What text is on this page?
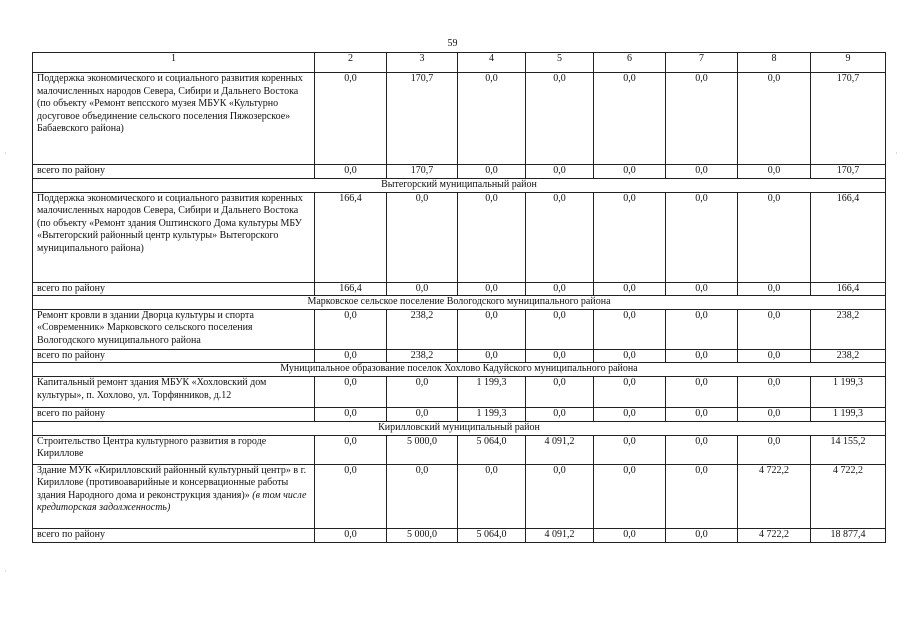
59
1	2	3	4	5	6	7	8	9
Поддержка экономического и социального развития коренных малочисленных народов Севера, Сибири и Дальнего Востока (по объекту «Ремонт вепсского музея МБУК «Культурно досуговое объединение сельского поселения Пяжозерское» Бабаевского района)	0,0	170,7	0,0	0,0	0,0	0,0	0,0	170,7
всего по району	0,0	170,7	0,0	0,0	0,0	0,0	0,0	170,7
Вытегорский муниципальный район								
Поддержка экономического и социального развития коренных малочисленных народов Севера, Сибири и Дальнего Востока (по объекту «Ремонт здания Оштинского Дома культуры МБУ «Вытегорский районный центр культуры» Вытегорского муниципального района)	166,4	0,0	0,0	0,0	0,0	0,0	0,0	166,4
всего по району	166,4	0,0	0,0	0,0	0,0	0,0	0,0	166,4
Марковское сельское поселение Вологодского муниципального района								
Ремонт кровли в здании Дворца культуры и спорта «Современник» Марковского сельского поселения Вологодского муниципального района	0,0	238,2	0,0	0,0	0,0	0,0	0,0	238,2
всего по району	0,0	238,2	0,0	0,0	0,0	0,0	0,0	238,2
Муниципальное образование поселок Хохлово Кадуйского муниципального района								
Капитальный ремонт здания МБУК «Хохловский дом культуры», п. Хохлово, ул. Торфянников, д.12	0,0	0,0	1 199,3	0,0	0,0	0,0	0,0	1 199,3
всего по району	0,0	0,0	1 199,3	0,0	0,0	0,0	0,0	1 199,3
Кирилловский муниципальный район								
Строительство Центра культурного развития в городе Кириллове	0,0	5 000,0	5 064,0	4 091,2	0,0	0,0	0,0	14 155,2
Здание МУК «Кирилловский районный культурный центр» в г. Кириллове (противоаварийные и консервационные работы здания Народного дома и реконструкция здания)» (в том числе кредиторская задолженность)	0,0	0,0	0,0	0,0	0,0	0,0	4 722,2	4 722,2
всего по району	0,0	5 000,0	5 064,0	4 091,2	0,0	0,0	4 722,2	18 877,4
·
·
·
